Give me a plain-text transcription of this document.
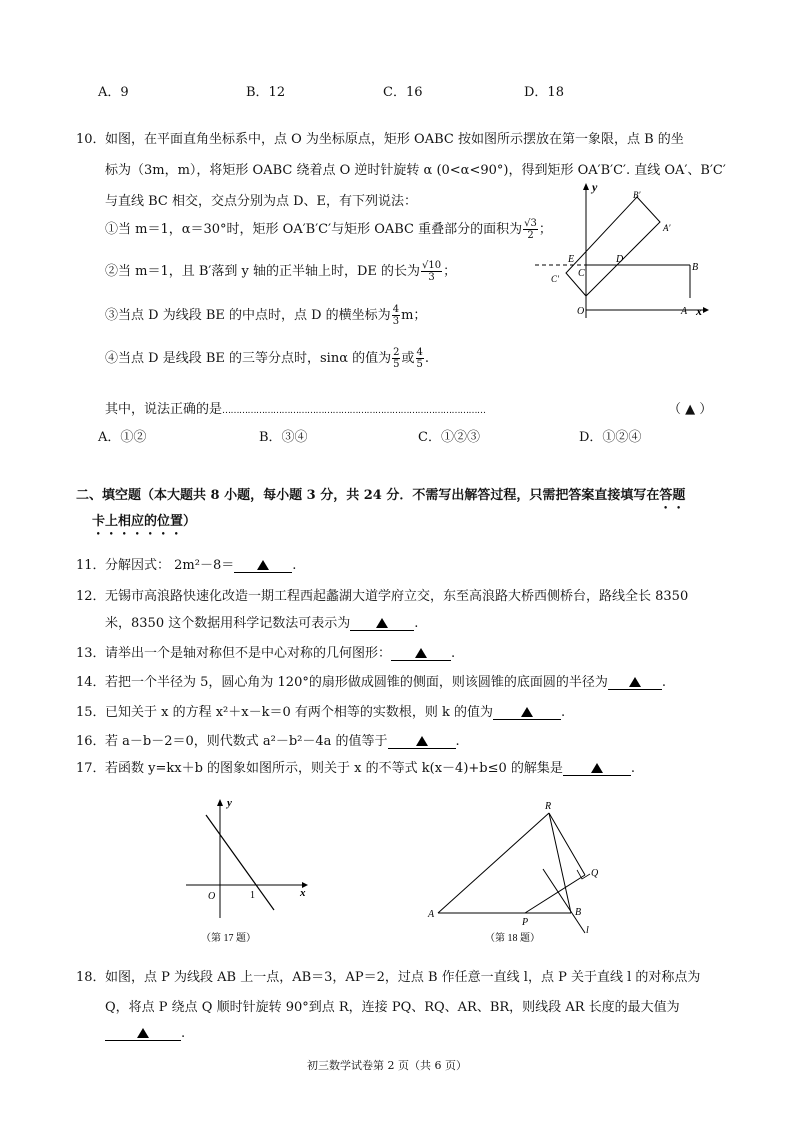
A．9	B．12	C．16	D．18
10． 如图，在平面直角坐标系中，点 O 为坐标原点，矩形 OABC 按如图所示摆放在第一象限，点 B 的坐
标为（3m，m），将矩形 OABC 绕着点 O 逆时针旋转 α (0<α<90°)，得到矩形 OA′B′C′. 直线 OA′、B′C′
与直线 BC 相交，交点分别为点 D、E，有下列说法：
①当 m＝1，α＝30°时，矩形 OA′B′C′与矩形 OABC 重叠部分的面积为 $\frac{√3}{2}$ ；
②当 m＝1，且 B′落到 y 轴的正半轴上时，DE 的长为 $\frac{√10}{3}$ ；
③当点 D 为线段 BE 的中点时，点 D 的横坐标为 $\frac{4}{3}$ m；
④当点 D 是线段 BE 的三等分点时，sinα 的值为 $\frac{2}{5}$ 或 $\frac{4}{5}$ .
其中，说法正确的是…………………………………………………………………………………	（ ▲ ）
A．①②	B．③④	C．①②③	D．①②④
y
x
O	A
B
C
D
E
A′
B′
C′
二、填空题（本大题共 8 小题，每小题 3 分，共 24 分．不需写出解答过程，只需把答案直接填写在答题
卡上相应的位置）
11． 分解因式： 2m²－8＝	.
12． 无锡市高浪路快速化改造一期工程西起蠡湖大道学府立交，东至高浪路大桥西侧桥台，路线全长 8350
米，8350 这个数据用科学记数法可表示为	.
13． 请举出一个是轴对称但不是中心对称的几何图形：	.
14． 若把一个半径为 5，圆心角为 120°的扇形做成圆锥的侧面，则该圆锥的底面圆的半径为	.
15． 已知关于 x 的方程 x²＋x－k＝0 有两个相等的实数根，则 k 的值为	.
16． 若 a－b－2＝0，则代数式 a²－b²－4a 的值等于	.
17． 若函数 y=kx＋b 的图象如图所示，则关于 x 的不等式 k(x－4)+b≤0 的解集是	.
y
x
O	1
（第 17 题）
R
Q
A
P
B
l
（第 18 题）
18． 如图，点 P 为线段 AB 上一点，AB＝3，AP＝2，过点 B 作任意一直线 l，点 P 关于直线 l 的对称点为
Q，将点 P 绕点 Q 顺时针旋转 90°到点 R，连接 PQ、RQ、AR、BR，则线段 AR 长度的最大值为
.
初三数学试卷第 2 页（共 6 页）
